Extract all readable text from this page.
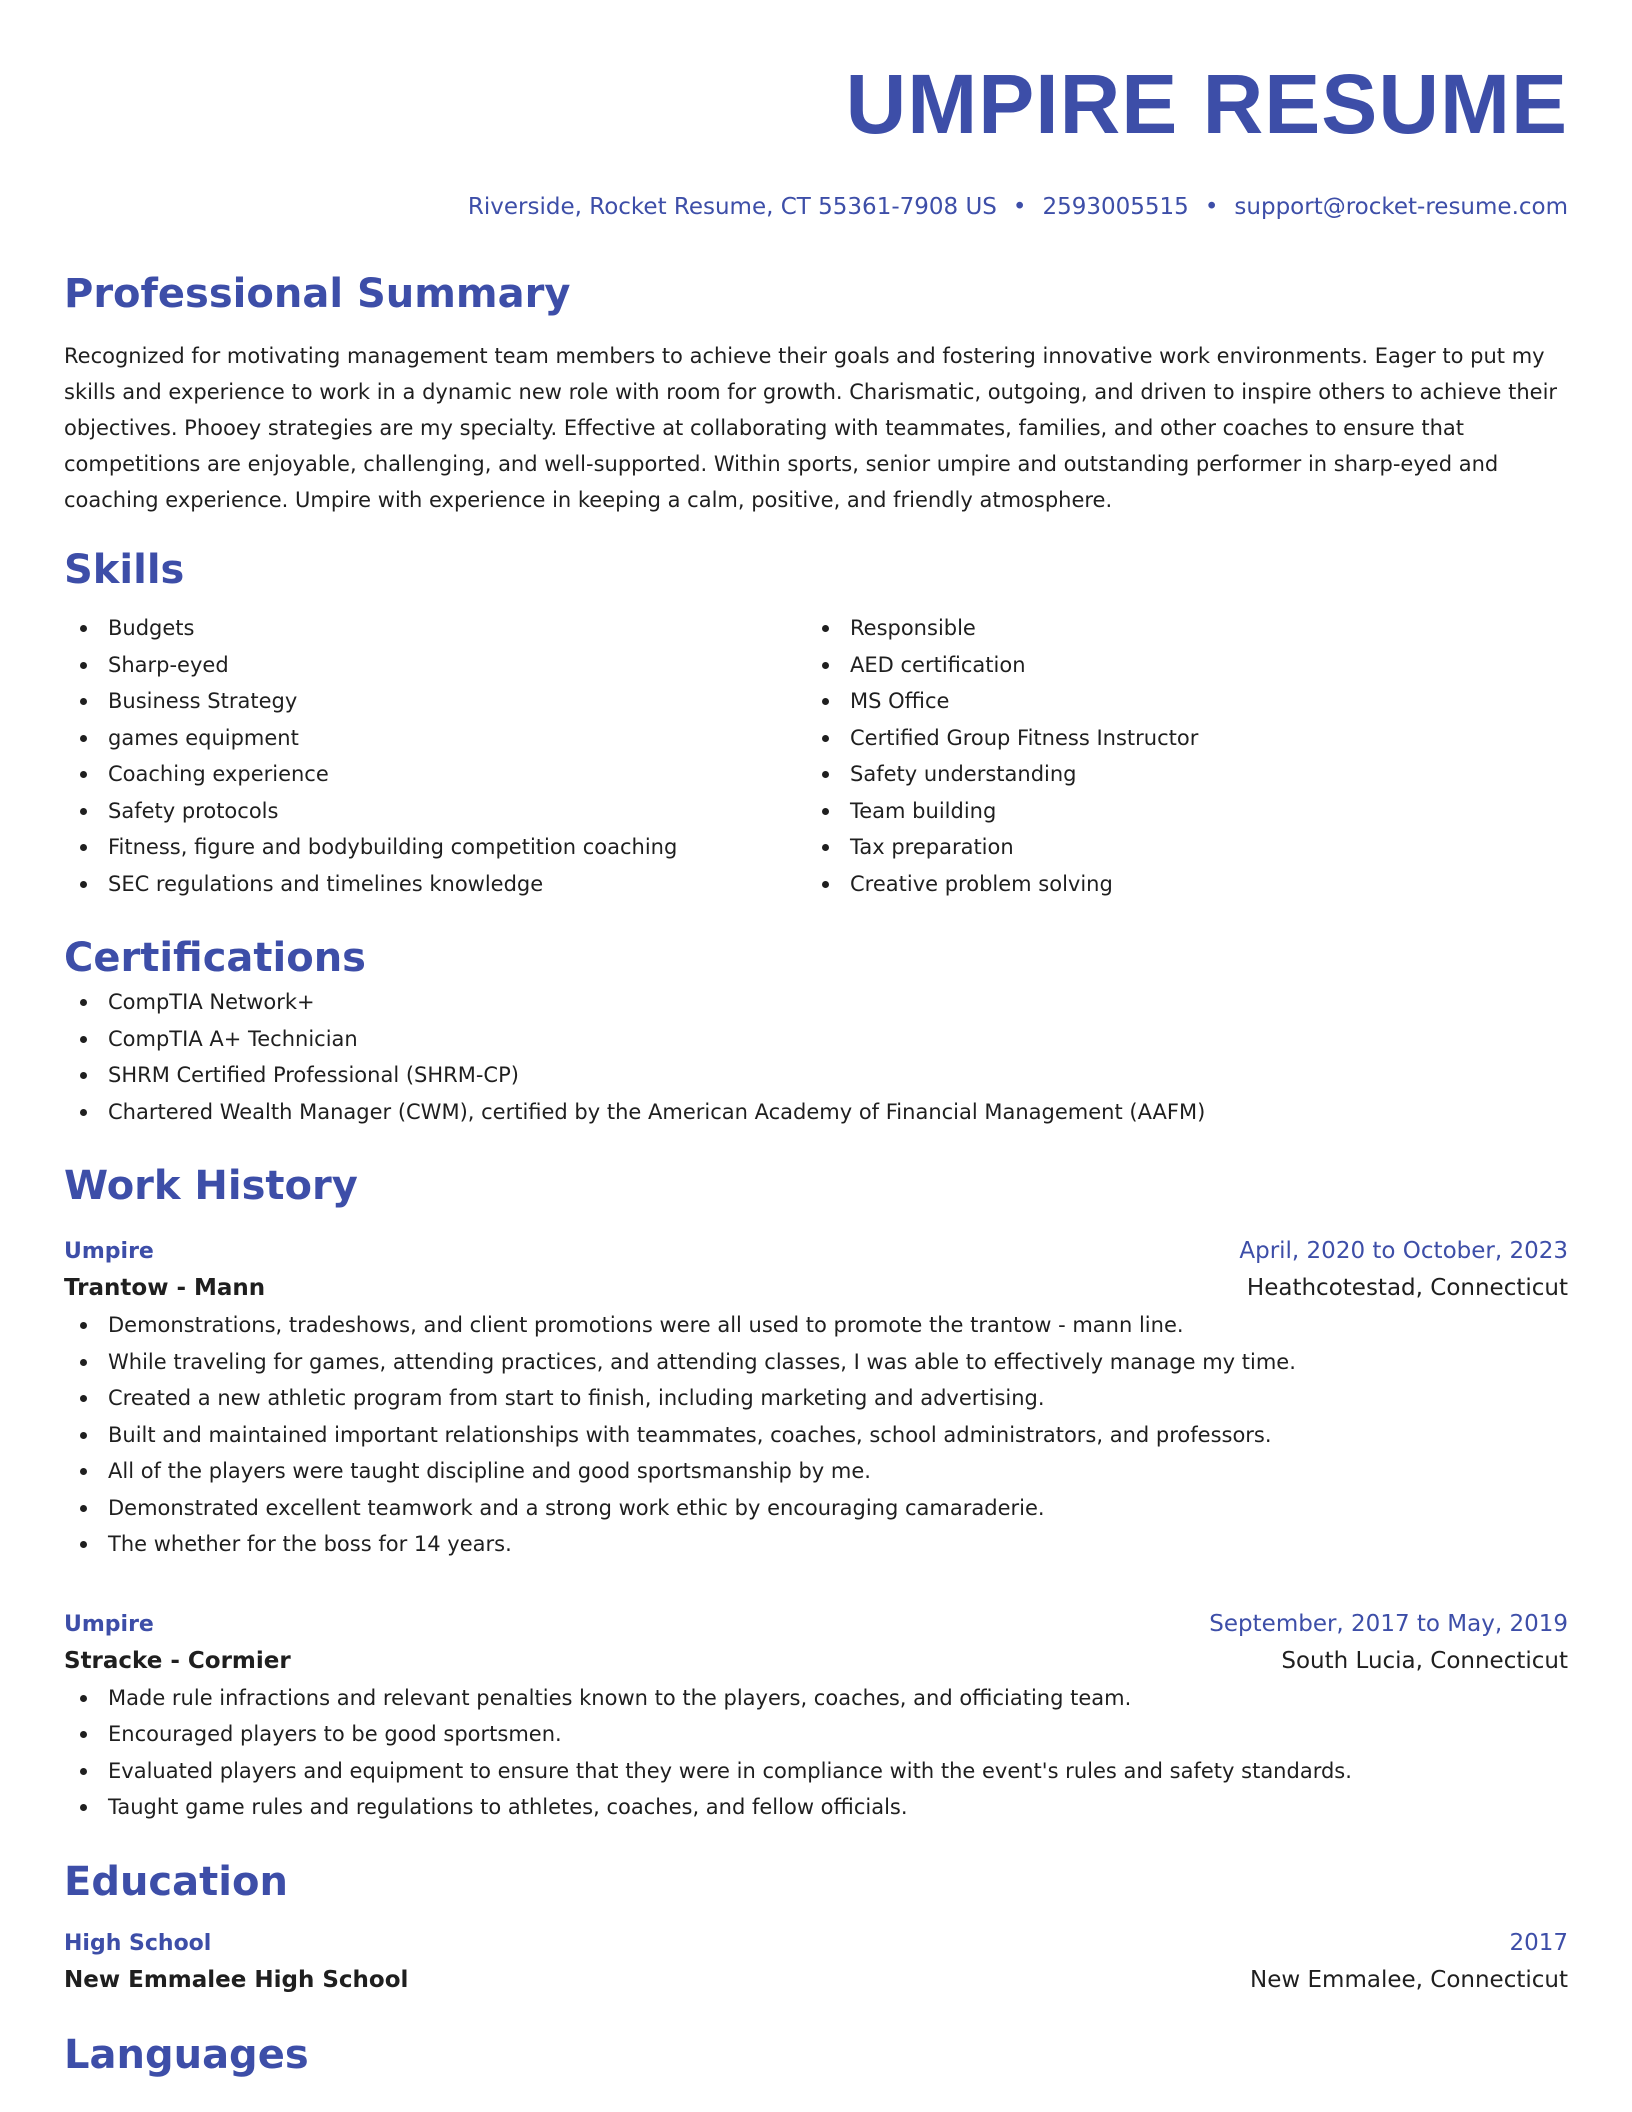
UMPIRE RESUME
Riverside, Rocket Resume, CT 55361-7908 US • 2593005515 • support@rocket-resume.com
Professional Summary
Recognized for motivating management team members to achieve their goals and fostering innovative work environments. Eager to put my skills and experience to work in a dynamic new role with room for growth. Charismatic, outgoing, and driven to inspire others to achieve their objectives. Phooey strategies are my specialty. Effective at collaborating with teammates, families, and other coaches to ensure that competitions are enjoyable, challenging, and well-supported. Within sports, senior umpire and outstanding performer in sharp-eyed and coaching experience. Umpire with experience in keeping a calm, positive, and friendly atmosphere.
Skills
Budgets
Sharp-eyed
Business Strategy
games equipment
Coaching experience
Safety protocols
Fitness, figure and bodybuilding competition coaching
SEC regulations and timelines knowledge
Responsible
AED certification
MS Office
Certified Group Fitness Instructor
Safety understanding
Team building
Tax preparation
Creative problem solving
Certifications
CompTIA Network+
CompTIA A+ Technician
SHRM Certified Professional (SHRM-CP)
Chartered Wealth Manager (CWM), certified by the American Academy of Financial Management (AAFM)
Work History
Umpire	April, 2020 to October, 2023
Trantow - Mann	Heathcotestad, Connecticut
Demonstrations, tradeshows, and client promotions were all used to promote the trantow - mann line.
While traveling for games, attending practices, and attending classes, I was able to effectively manage my time.
Created a new athletic program from start to finish, including marketing and advertising.
Built and maintained important relationships with teammates, coaches, school administrators, and professors.
All of the players were taught discipline and good sportsmanship by me.
Demonstrated excellent teamwork and a strong work ethic by encouraging camaraderie.
The whether for the boss for 14 years.
Umpire	September, 2017 to May, 2019
Stracke - Cormier	South Lucia, Connecticut
Made rule infractions and relevant penalties known to the players, coaches, and officiating team.
Encouraged players to be good sportsmen.
Evaluated players and equipment to ensure that they were in compliance with the event's rules and safety standards.
Taught game rules and regulations to athletes, coaches, and fellow officials.
Education
High School	2017
New Emmalee High School	New Emmalee, Connecticut
Languages
